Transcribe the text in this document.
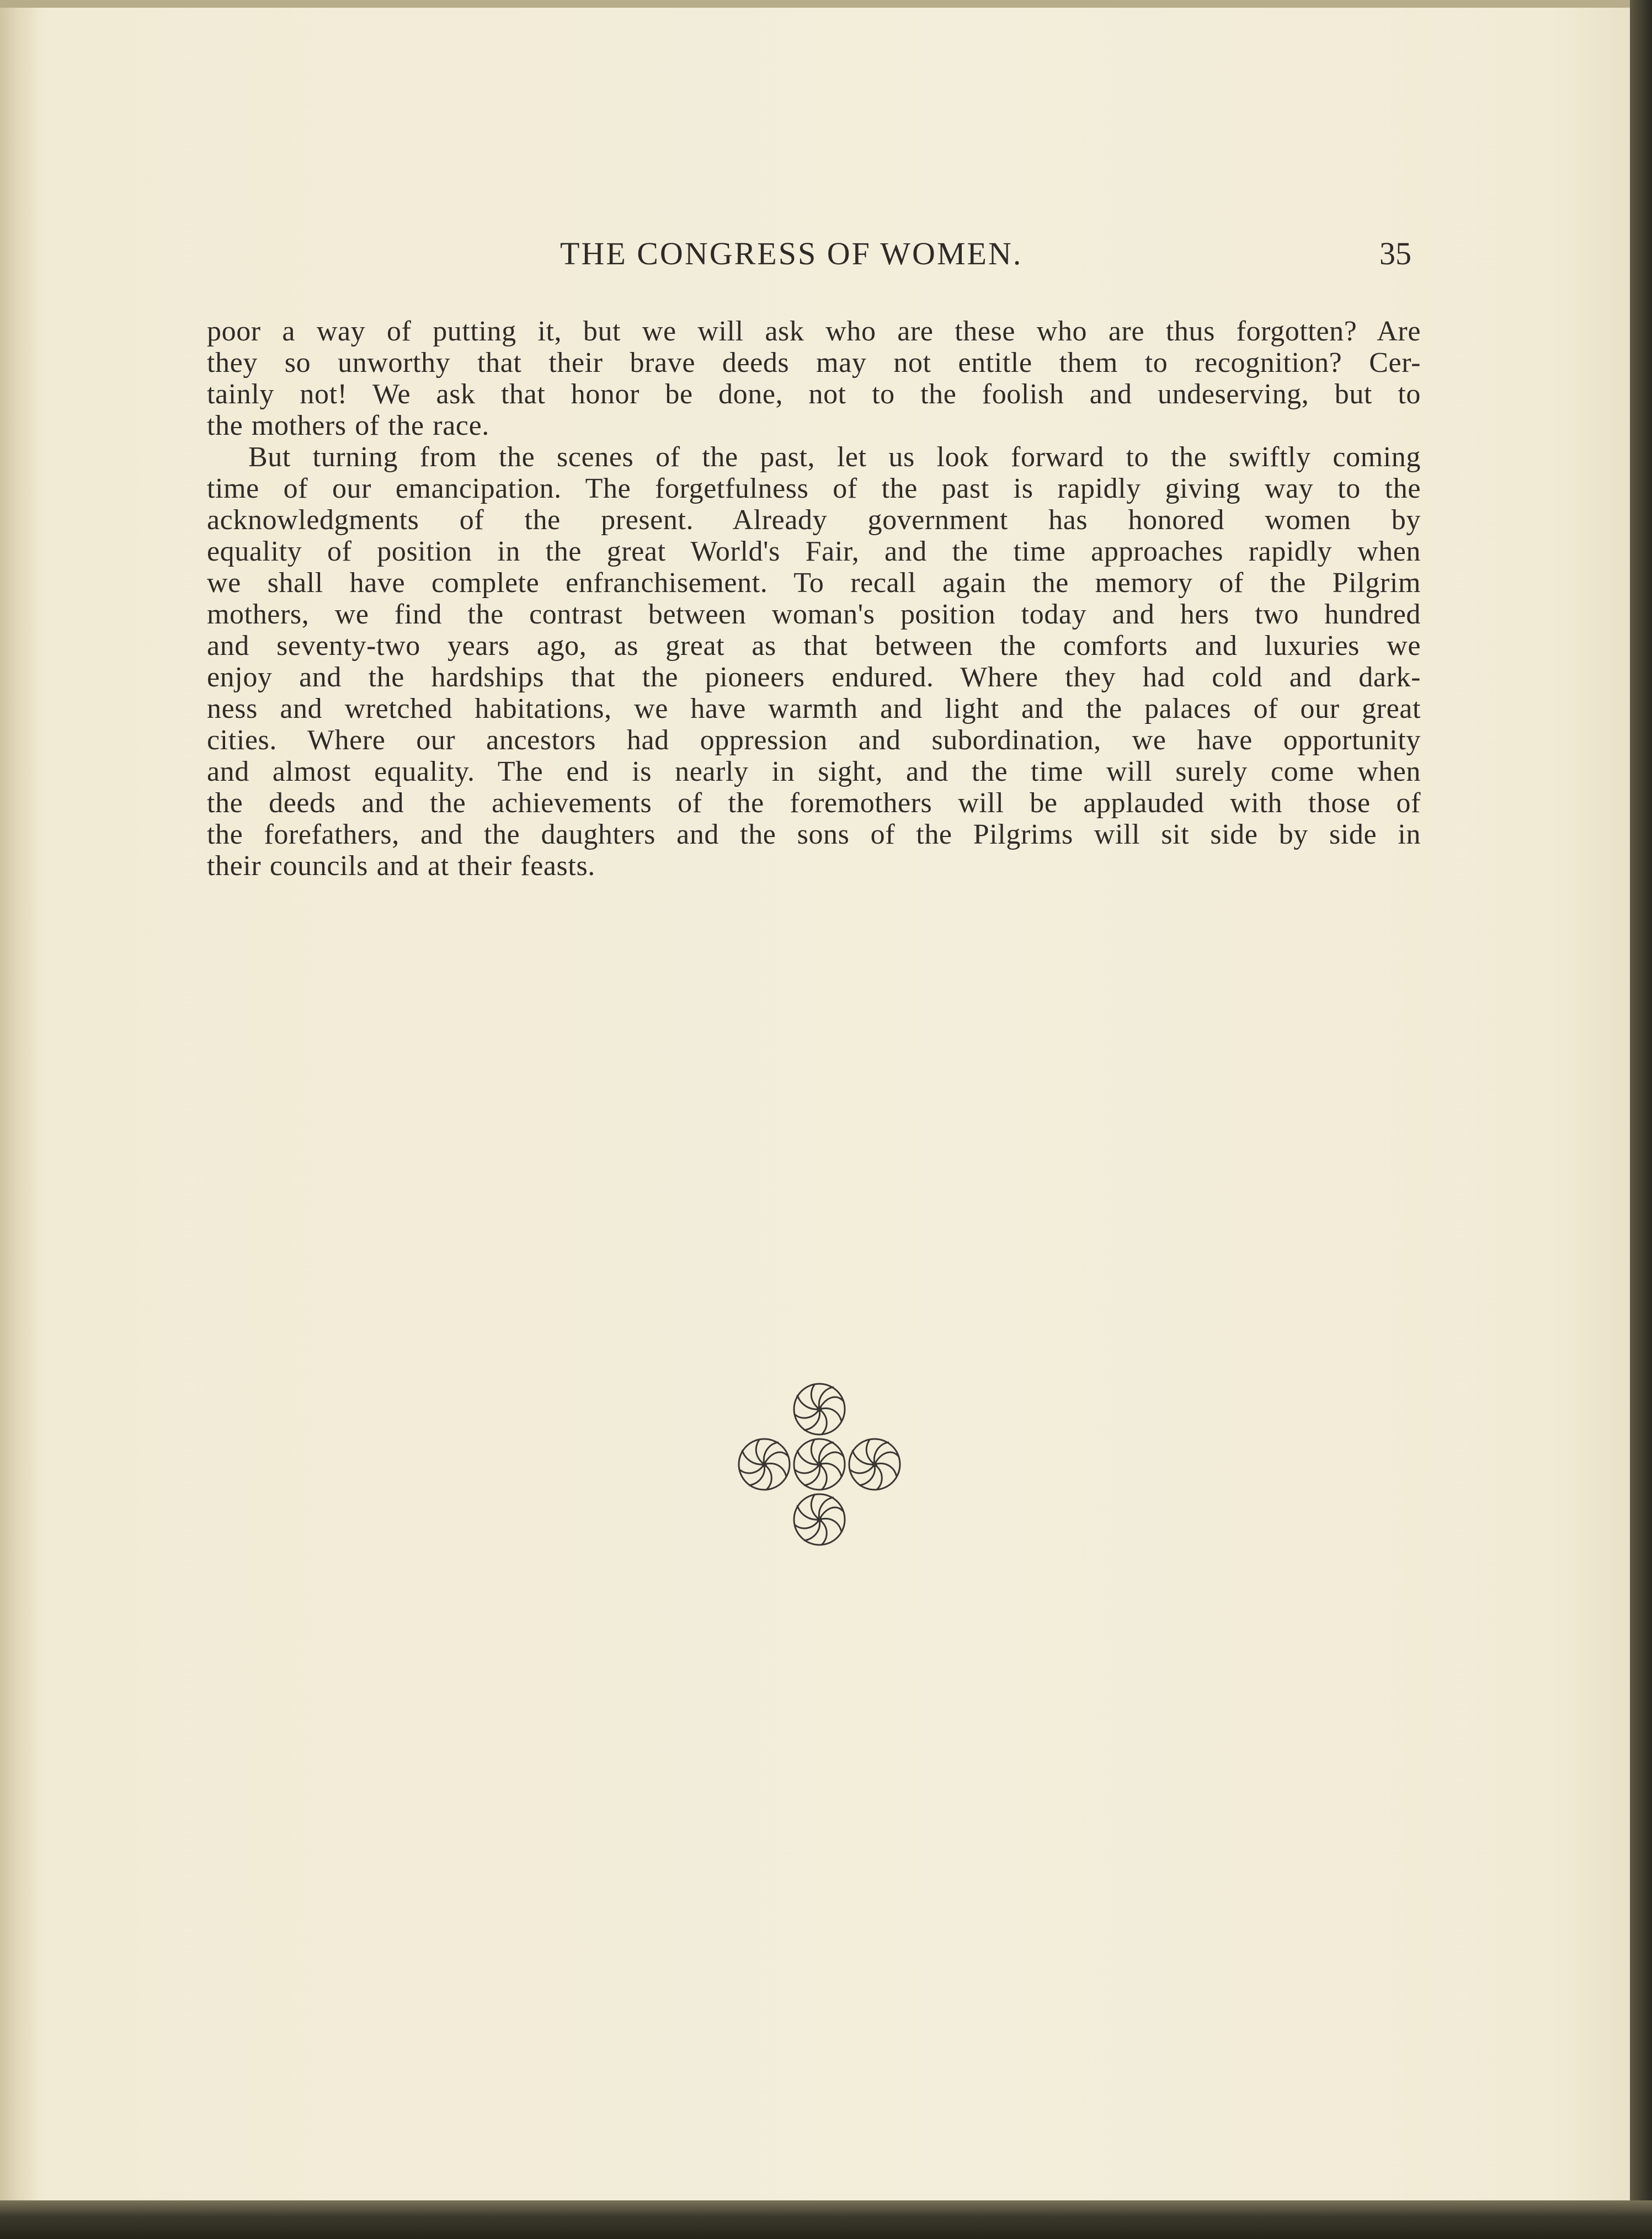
THE CONGRESS OF WOMEN.	35
poor a way of putting it, but we will ask who are these who are thus forgotten? Are
they so unworthy that their brave deeds may not entitle them to recognition? Cer-
tainly not! We ask that honor be done, not to the foolish and undeserving, but to
the mothers of the race.
But turning from the scenes of the past, let us look forward to the swiftly coming
time of our emancipation. The forgetfulness of the past is rapidly giving way to the
acknowledgments of the present. Already government has honored women by
equality of position in the great World's Fair, and the time approaches rapidly when
we shall have complete enfranchisement. To recall again the memory of the Pilgrim
mothers, we find the contrast between woman's position today and hers two hundred
and seventy-two years ago, as great as that between the comforts and luxuries we
enjoy and the hardships that the pioneers endured. Where they had cold and dark-
ness and wretched habitations, we have warmth and light and the palaces of our great
cities. Where our ancestors had oppression and subordination, we have opportunity
and almost equality. The end is nearly in sight, and the time will surely come when
the deeds and the achievements of the foremothers will be applauded with those of
the forefathers, and the daughters and the sons of the Pilgrims will sit side by side in
their councils and at their feasts.
